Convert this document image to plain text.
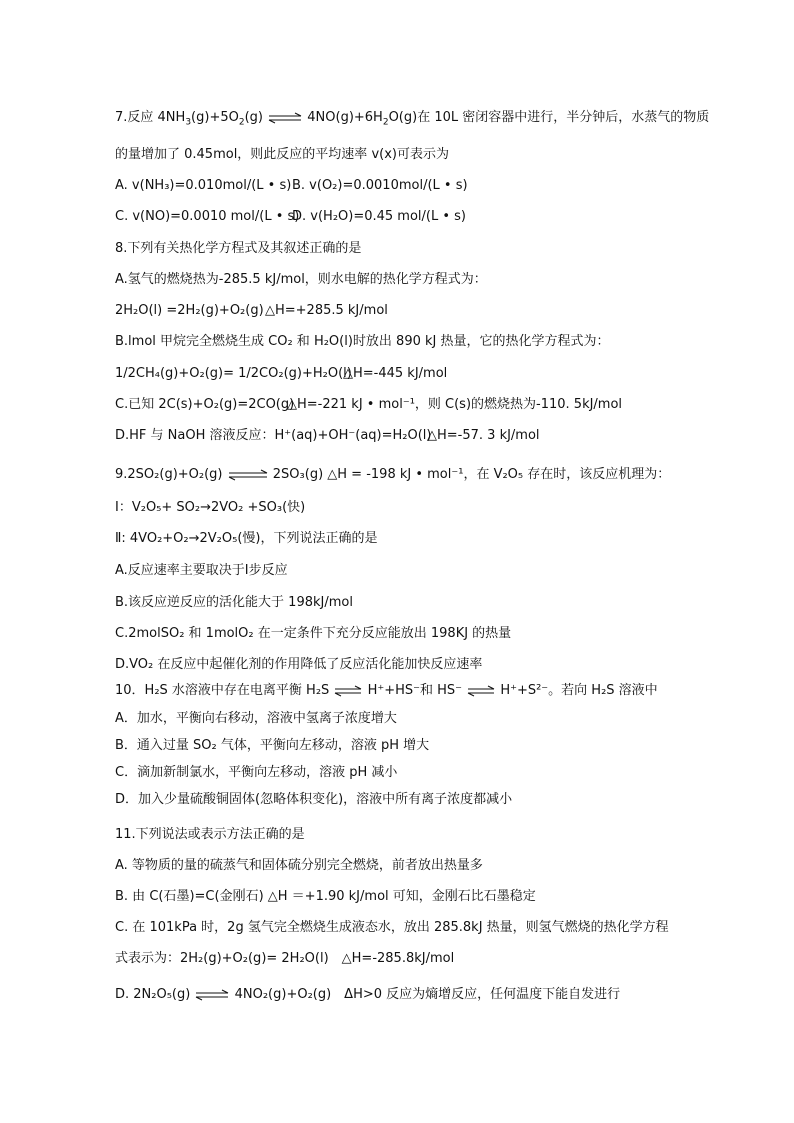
7.反应 $4NH_3(g)+5O_2(g)$ ⇌ $4NO(g)+6H_2O(g)$在 10L 密闭容器中进行，半分钟后，水蒸气的物质
的量增加了 0.45mol，则此反应的平均速率 v(x)可表示为
A. v(NH₃)=0.010mol/(L • s)B. v(O₂)=0.0010mol/(L • s)
C. v(NO)=0.0010 mol/(L • s)D. v(H₂O)=0.45 mol/(L • s)
8.下列有关热化学方程式及其叙述正确的是
A.氢气的燃烧热为-285.5 kJ/mol，则水电解的热化学方程式为：
2H₂O(l) =2H₂(g)+O₂(g)△H=+285.5 kJ/mol
B.lmol 甲烷完全燃烧生成 CO₂ 和 H₂O(l)时放出 890 kJ 热量，它的热化学方程式为：
1/2CH₄(g)+O₂(g)= 1/2CO₂(g)+H₂O(l)△H=-445 kJ/mol
C.已知 2C(s)+O₂(g)=2CO(g)△H=-221 kJ • mol⁻¹，则 C(s)的燃烧热为-110. 5kJ/mol
D.HF 与 NaOH 溶液反应：H⁺(aq)+OH⁻(aq)=H₂O(l)△H=-57. 3 kJ/mol
9.2SO₂(g)+O₂(g) ⇌ 2SO₃(g) △H = -198 kJ • mol⁻¹，在 V₂O₅ 存在时，该反应机理为：
Ⅰ：V₂O₅+ SO₂→2VO₂ +SO₃(快)
Ⅱ: 4VO₂+O₂→2V₂O₅(慢)，下列说法正确的是
A.反应速率主要取决于Ⅰ步反应
B.该反应逆反应的活化能大于 198kJ/mol
C.2molSO₂ 和 1molO₂ 在一定条件下充分反应能放出 198KJ 的热量
D.VO₂ 在反应中起催化剂的作用降低了反应活化能加快反应速率
10．H₂S 水溶液中存在电离平衡 H₂S ⇌ H⁺+HS⁻和 HS⁻ ⇌ H⁺+S²⁻。若向 H₂S 溶液中
A．加水，平衡向右移动，溶液中氢离子浓度增大
B．通入过量 SO₂ 气体，平衡向左移动，溶液 pH 增大
C．滴加新制氯水，平衡向左移动，溶液 pH 减小
D．加入少量硫酸铜固体(忽略体积变化)，溶液中所有离子浓度都减小
11.下列说法或表示方法正确的是
A. 等物质的量的硫蒸气和固体硫分别完全燃烧，前者放出热量多
B. 由 C(石墨)=C(金刚石) △H ＝+1.90 kJ/mol 可知，金刚石比石墨稳定
C. 在 101kPa 时，2g 氢气完全燃烧生成液态水，放出 285.8kJ 热量，则氢气燃烧的热化学方程
式表示为：2H₂(g)+O₂(g)= 2H₂O(l)　△H=-285.8kJ/mol
D. 2N₂O₅(g) ⇌ 4NO₂(g)+O₂(g)　ΔH>0 反应为熵增反应，任何温度下能自发进行
